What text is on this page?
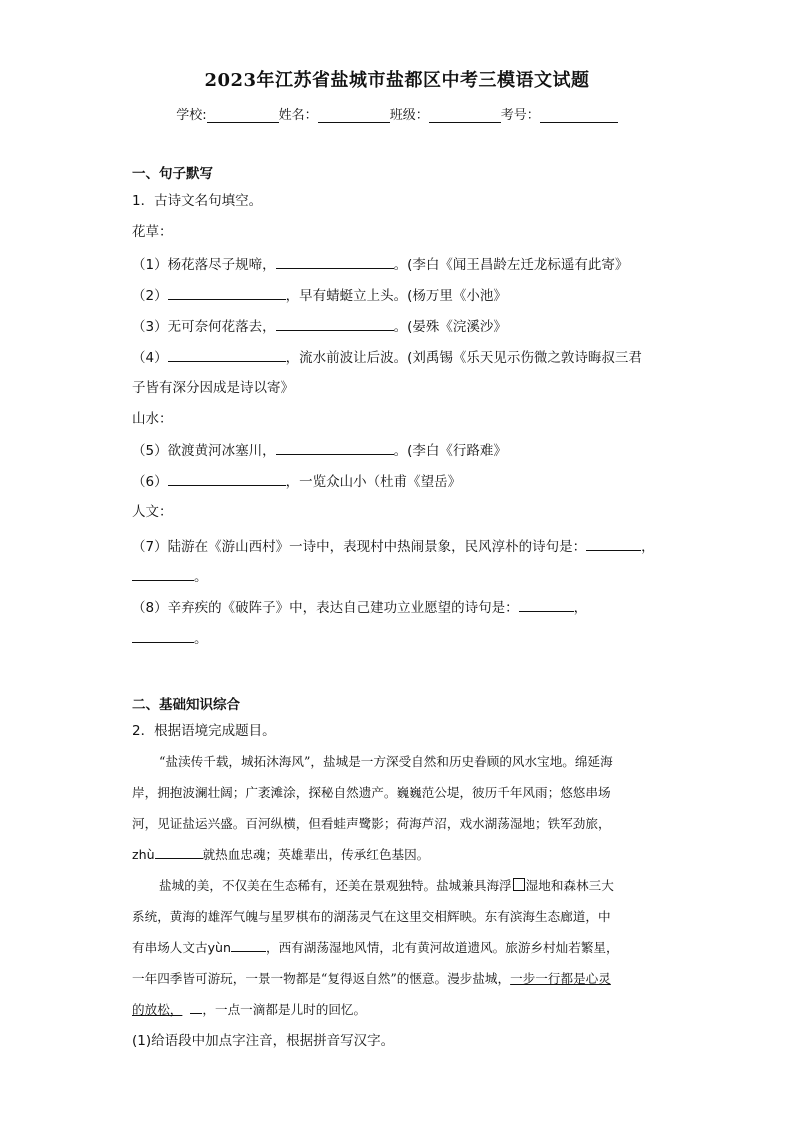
2023年江苏省盐城市盐都区中考三模语文试题
学校:	姓名：	班级：	考号：
一、句子默写
1．古诗文名句填空。
花草：
（1）杨花落尽子规啼，	。(李白《闻王昌龄左迁龙标遥有此寄》
（2）	，早有蜻蜓立上头。(杨万里《小池》
（3）无可奈何花落去，	。(晏殊《浣溪沙》
（4）	，流水前波让后波。(刘禹锡《乐天见示伤微之敦诗晦叔三君
子皆有深分因成是诗以寄》
山水：
（5）欲渡黄河冰塞川，	。(李白《行路难》
（6）	，一览众山小（杜甫《望岳》
人文：
（7）陆游在《游山西村》一诗中，表现村中热闹景象，民风淳朴的诗句是：	，
。
（8）辛弃疾的《破阵子》中，表达自己建功立业愿望的诗句是：	，
。
二、基础知识综合
2．根据语境完成题目。
“盐渎传千载，城拓沐海风”，盐城是一方深受自然和历史眷顾的风水宝地。绵延海
岸，拥抱波澜壮阔；广袤滩涂，探秘自然遗产。巍巍范公堤，彼历千年风雨；悠悠串场
河，见证盐运兴盛。百河纵横，但看蛙声鹭影；荷海芦沼，戏水湖荡湿地；铁军劲旅，
zhù	就热血忠魂；英雄辈出，传承红色基因。
盐城的美，不仅美在生态稀有，还美在景观独特。盐城兼具海浮 湿地和森林三大
系统，黄海的雄浑气魄与星罗棋布的湖荡灵气在这里交相辉映。东有滨海生态廊道，中
有串场人文古yùn	，西有湖荡湿地风情，北有黄河故道遗风。旅游乡村灿若繁星，
一年四季皆可游玩，一景一物都是“复得返自然”的惬意。漫步盐城，一步一行都是心灵
的放松， ，一点一滴都是儿时的回忆。
(1)给语段中加点字注音，根据拼音写汉字。
